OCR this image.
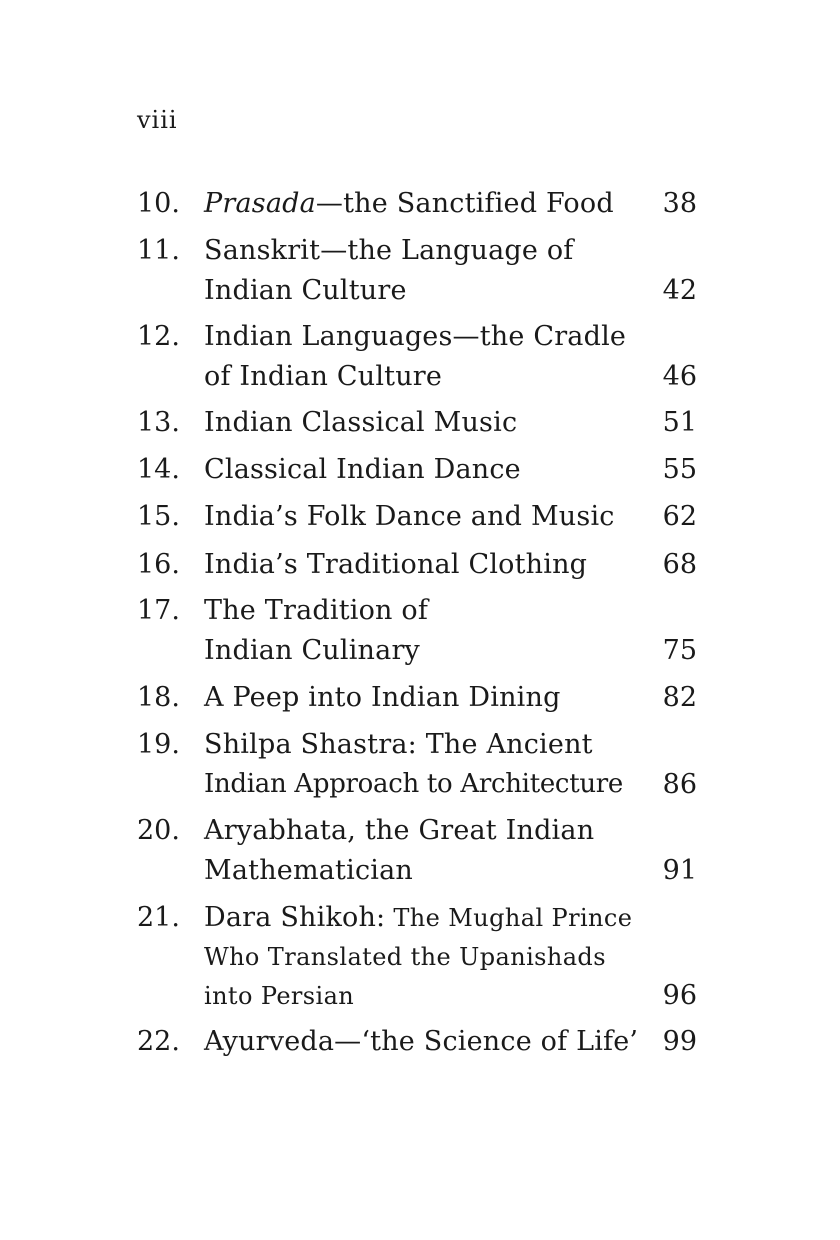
viii
10. Prasada—the Sanctified Food 38
11. Sanskrit—the Language of
Indian Culture	42
12. Indian Languages—the Cradle
of Indian Culture	46
13. Indian Classical Music	51
14. Classical Indian Dance	55
15. India’s Folk Dance and Music 62
16. India’s Traditional Clothing	68
17. The Tradition of
Indian Culinary	75
18. A Peep into Indian Dining	82
19. Shilpa Shastra: The Ancient
Indian Approach to Architecture 86
20. Aryabhata, the Great Indian
Mathematician	91
21. Dara Shikoh: The Mughal Prince
Who Translated the Upanishads
into Persian	96
22. Ayurveda—‘the Science of Life’ 99
